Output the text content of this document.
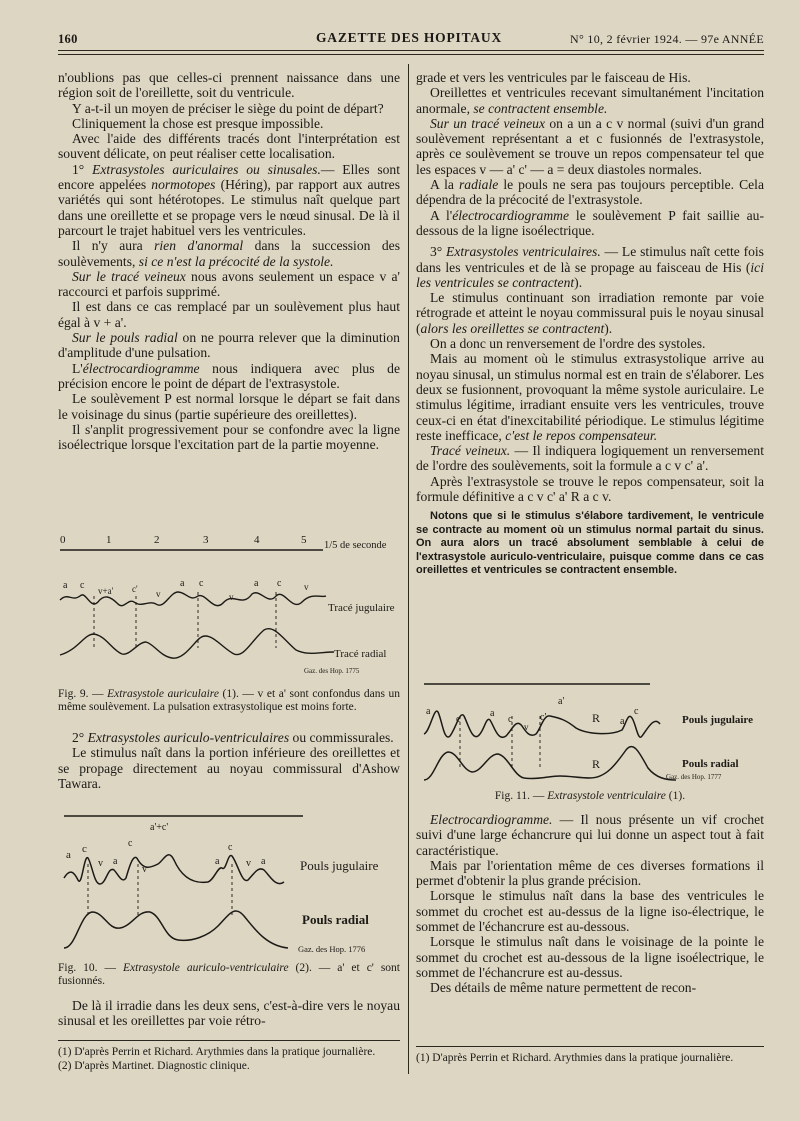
160	GAZETTE DES HOPITAUX	N° 10, 2 février 1924. — 97e ANNÉE

n'oublions pas que celles-ci prennent naissance dans une région soit de l'oreillette, soit du ventricule.

Y a-t-il un moyen de préciser le siège du point de départ?

Cliniquement la chose est presque impossible.

Avec l'aide des différents tracés dont l'interprétation est souvent délicate, on peut réaliser cette localisation.

1° Extrasystoles auriculaires ou sinusales.— Elles sont encore appelées normotopes (Héring), par rapport aux autres variétés qui sont hétérotopes. Le stimulus naît quelque part dans une oreillette et se propage vers le nœud sinusal. De là il parcourt le trajet habituel vers les ventricules.

Il n'y aura rien d'anormal dans la succession des soulèvements, si ce n'est la précocité de la systole.

Sur le tracé veineux nous avons seulement un espace v a' raccourci et parfois supprimé.

Il est dans ce cas remplacé par un soulèvement plus haut égal à v + a'.

Sur le pouls radial on ne pourra relever que la diminution d'amplitude d'une pulsation.

L'électrocardiogramme nous indiquera avec plus de précision encore le point de départ de l'extrasystole.

Le soulèvement P est normal lorsque le départ se fait dans le voisinage du sinus (partie supérieure des oreillettes).

Il s'anplit progressivement pour se confondre avec la ligne isoélectrique lorsque l'excitation part de la partie moyenne.

0	1	2	3	4	5 1/5 de seconde
a c v+a' c' v
a c
v
a c	v
Tracé jugulaire
Tracé radial
Gaz. des Hop. 1775

Fig. 9. — Extrasystole auriculaire (1). — v et a' sont confondus dans un même soulèvement. La pulsation extrasystolique est moins forte.

2° Extrasystoles auriculo-ventriculaires ou commissurales.

Le stimulus naît dans la portion inférieure des oreillettes et se propage directement au noyau commissural d'Ashow Tawara.

a c
v a
a'+c'
c
v
c
a	v a	Pouls jugulaire
Pouls radial
Gaz. des Hop. 1776

Fig. 10. — Extrasystole auriculo-ventriculaire (2). — a' et c' sont fusionnés.

De là il irradie dans les deux sens, c'est-à-dire vers le noyau sinusal et les oreillettes par voie rétro-

(1) D'après Perrin et Richard. Arythmies dans la pratique journalière.

(2) D'après Martinet. Diagnostic clinique.

grade et vers les ventricules par le faisceau de His.

Oreillettes et ventricules recevant simultanément l'incitation anormale, se contractent ensemble.

Sur un tracé veineux on a un a c v normal (suivi d'un grand soulèvement représentant a et c fusionnés de l'extrasystole, après ce soulèvement se trouve un repos compensateur tel que les espaces v — a' c' — a = deux diastoles normales.

A la radiale le pouls ne sera pas toujours perceptible. Cela dépendra de la précocité de l'extrasystole.

A l'électrocardiogramme le soulèvement P fait saillie au-dessous de la ligne isoélectrique.

3° Extrasystoles ventriculaires. — Le stimulus naît cette fois dans les ventricules et de là se propage au faisceau de His (ici les ventricules se contractent).

Le stimulus continuant son irradiation remonte par voie rétrograde et atteint le noyau commissural puis le noyau sinusal (alors les oreillettes se contractent).

On a donc un renversement de l'ordre des systoles.

Mais au moment où le stimulus extrasystolique arrive au noyau sinusal, un stimulus normal est en train de s'élaborer. Les deux se fusionnent, provoquant la même systole auriculaire. Le stimulus légitime, irradiant ensuite vers les ventricules, trouve ceux-ci en état d'inexcitabilité périodique. Le stimulus légitime reste inefficace, c'est le repos compensateur.

Tracé veineux. — Il indiquera logiquement un renversement de l'ordre des soulèvements, soit la formule a c v c' a'.

Après l'extrasystole se trouve le repos compensateur, soit la formule définitive a c v c' a' R a c v.

Notons que si le stimulus s'élabore tardivement, le ventricule se contracte au moment où un stimulus normal partait du sinus. On aura alors un tracé absolument semblable à celui de l'extrasystole auriculo-ventriculaire, puisque comme dans ce cas oreillettes et ventricules se contractent ensemble.

a
c
a
c
v
c'
a'
R a
c
R
Pouls jugulaire
Pouls radial
Gaz. des Hop. 1777

Fig. 11. — Extrasystole ventriculaire (1).

Electrocardiogramme. — Il nous présente un vif crochet suivi d'une large échancrure qui lui donne un aspect tout à fait caractéristique.

Mais par l'orientation même de ces diverses formations il permet d'obtenir la plus grande précision.

Lorsque le stimulus naît dans la base des ventricules le sommet du crochet est au-dessus de la ligne iso-électrique, le sommet de l'échancrure est au-dessous.

Lorsque le stimulus naît dans le voisinage de la pointe le sommet du crochet est au-dessous de la ligne isoélectrique, le sommet de l'échancrure est au-dessus.

Des détails de même nature permettent de recon-

(1) D'après Perrin et Richard. Arythmies dans la pratique journalière.
